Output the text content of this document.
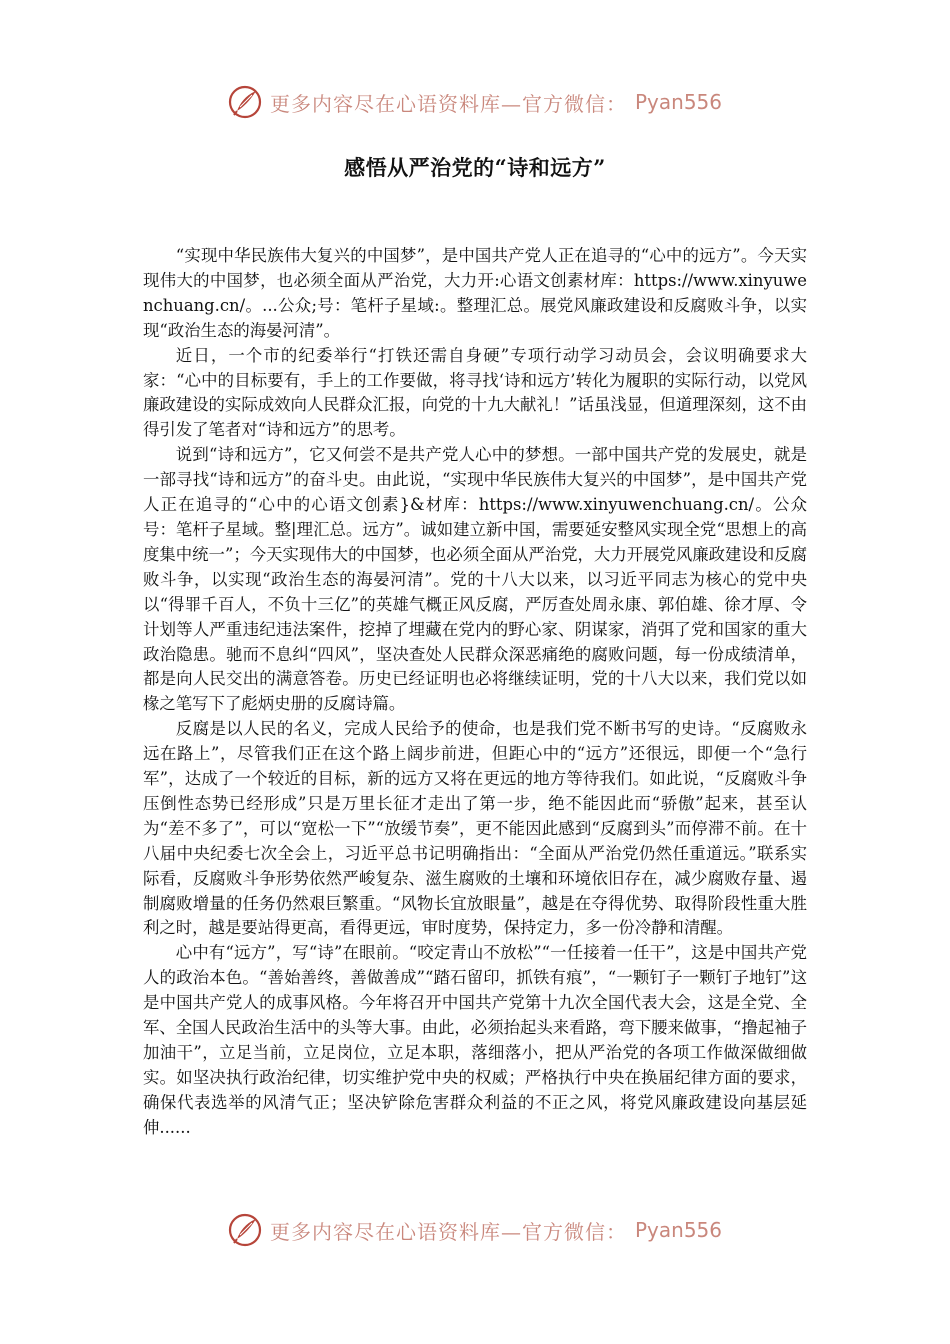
更多内容尽在心语资料库—官方微信： Pyan556
感悟从严治党的“诗和远方”

“实现中华民族伟大复兴的中国梦”，是中国共产党人正在追寻的“心中的远方”。今天实现伟大的中国梦，也必须全面从严治党，大力开:心语文创素材库：https://www.xinyuwenchuang.cn/。...公众;号：笔杆子星域:。整理汇总。展党风廉政建设和反腐败斗争，以实现“政治生态的海晏河清”。

近日，一个市的纪委举行“打铁还需自身硬”专项行动学习动员会，会议明确要求大家：“心中的目标要有，手上的工作要做，将寻找‘诗和远方’转化为履职的实际行动，以党风廉政建设的实际成效向人民群众汇报，向党的十九大献礼！”话虽浅显，但道理深刻，这不由得引发了笔者对“诗和远方”的思考。

说到“诗和远方”，它又何尝不是共产党人心中的梦想。一部中国共产党的发展史，就是一部寻找“诗和远方”的奋斗史。由此说，“实现中华民族伟大复兴的中国梦”，是中国共产党人正在追寻的“心中的心语文创素}&材库：https://www.xinyuwenchuang.cn/。公众号：笔杆子星域。整|理汇总。远方”。诚如建立新中国，需要延安整风实现全党“思想上的高度集中统一”；今天实现伟大的中国梦，也必须全面从严治党，大力开展党风廉政建设和反腐败斗争，以实现“政治生态的海晏河清”。党的十八大以来，以习近平同志为核心的党中央以“得罪千百人，不负十三亿”的英雄气概正风反腐，严厉查处周永康、郭伯雄、徐才厚、令计划等人严重违纪违法案件，挖掉了埋藏在党内的野心家、阴谋家，消弭了党和国家的重大政治隐患。驰而不息纠“四风”，坚决查处人民群众深恶痛绝的腐败问题，每一份成绩清单，都是向人民交出的满意答卷。历史已经证明也必将继续证明，党的十八大以来，我们党以如椽之笔写下了彪炳史册的反腐诗篇。

反腐是以人民的名义，完成人民给予的使命，也是我们党不断书写的史诗。“反腐败永远在路上”，尽管我们正在这个路上阔步前进，但距心中的“远方”还很远，即便一个“急行军”，达成了一个较近的目标，新的远方又将在更远的地方等待我们。如此说，“反腐败斗争压倒性态势已经形成”只是万里长征才走出了第一步，绝不能因此而“骄傲”起来，甚至认为“差不多了”，可以“宽松一下”“放缓节奏”，更不能因此感到“反腐到头”而停滞不前。在十八届中央纪委七次全会上，习近平总书记明确指出：“全面从严治党仍然任重道远。”联系实际看，反腐败斗争形势依然严峻复杂、滋生腐败的土壤和环境依旧存在，减少腐败存量、遏制腐败增量的任务仍然艰巨繁重。“风物长宜放眼量”，越是在夺得优势、取得阶段性重大胜利之时，越是要站得更高，看得更远，审时度势，保持定力，多一份冷静和清醒。

心中有“远方”，写“诗”在眼前。“咬定青山不放松”“一任接着一任干”，这是中国共产党人的政治本色。“善始善终，善做善成”“踏石留印，抓铁有痕”，“一颗钉子一颗钉子地钉”这是中国共产党人的成事风格。今年将召开中国共产党第十九次全国代表大会，这是全党、全军、全国人民政治生活中的头等大事。由此，必须抬起头来看路，弯下腰来做事，“撸起袖子加油干”，立足当前，立足岗位，立足本职，落细落小，把从严治党的各项工作做深做细做实。如坚决执行政治纪律，切实维护党中央的权威；严格执行中央在换届纪律方面的要求，确保代表选举的风清气正；坚决铲除危害群众利益的不正之风，将党风廉政建设向基层延伸......

更多内容尽在心语资料库—官方微信： Pyan556
